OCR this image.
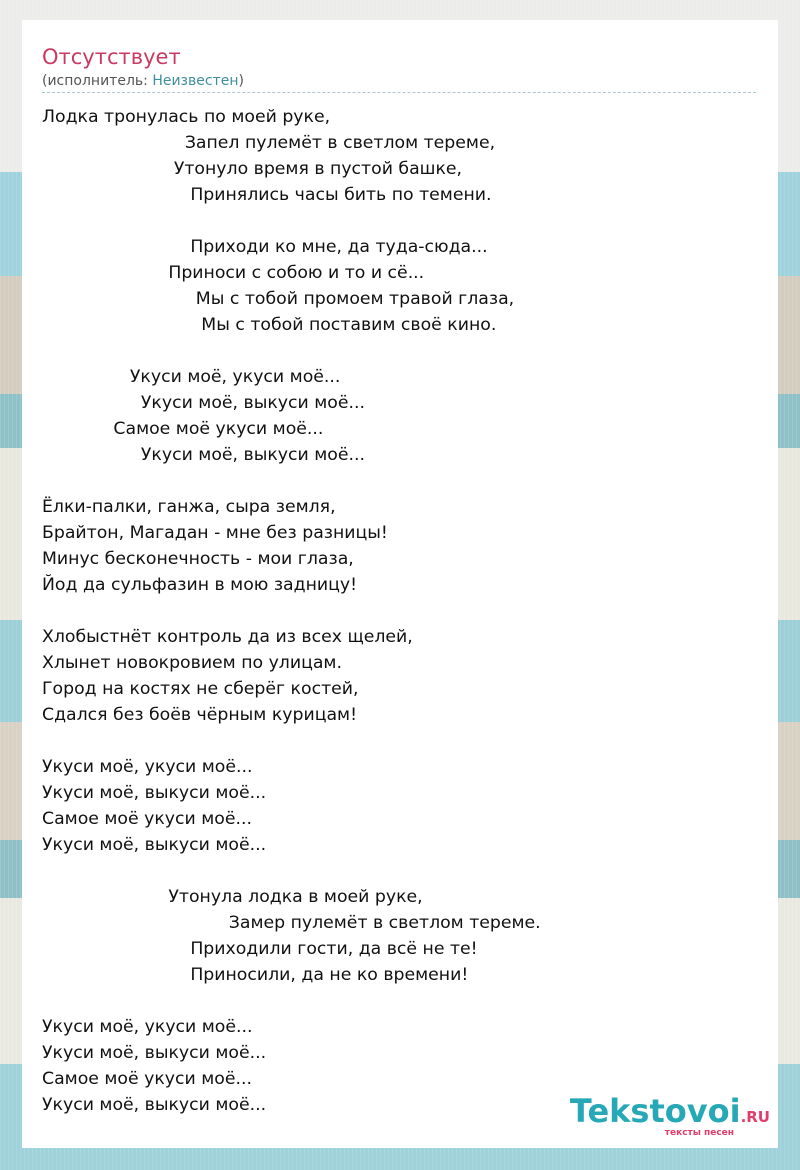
Отсутствует
(исполнитель: Неизвестен)
Лодка тронулась по моей руке,
Запел пулемёт в светлом тереме,
Утонуло время в пустой башке,
Принялись часы бить по темени.
Приходи ко мне, да туда-сюда...
Приноси с собою и то и сё...
Мы с тобой промоем травой глаза,
Мы с тобой поставим своё кино.
Укуси моё, укуси моё...
Укуси моё, выкуси моё...
Самое моё укуси моё...
Укуси моё, выкуси моё...
Ёлки-палки, ганжа, сыра земля,
Брайтон, Магадан - мне без разницы!
Минус бесконечность - мои глаза,
Йод да сульфазин в мою задницу!
Хлобыстнёт контроль да из всех щелей,
Хлынет новокровием по улицам.
Город на костях не сберёг костей,
Сдался без боёв чёрным курицам!
Укуси моё, укуси моё...
Укуси моё, выкуси моё...
Самое моё укуси моё...
Укуси моё, выкуси моё...
Утонула лодка в моей руке,
Замер пулемёт в светлом тереме.
Приходили гости, да всё не те!
Приносили, да не ко времени!
Укуси моё, укуси моё...
Укуси моё, выкуси моё...
Самое моё укуси моё...
Укуси моё, выкуси моё...	Tekstovoi.RU
тексты песен
